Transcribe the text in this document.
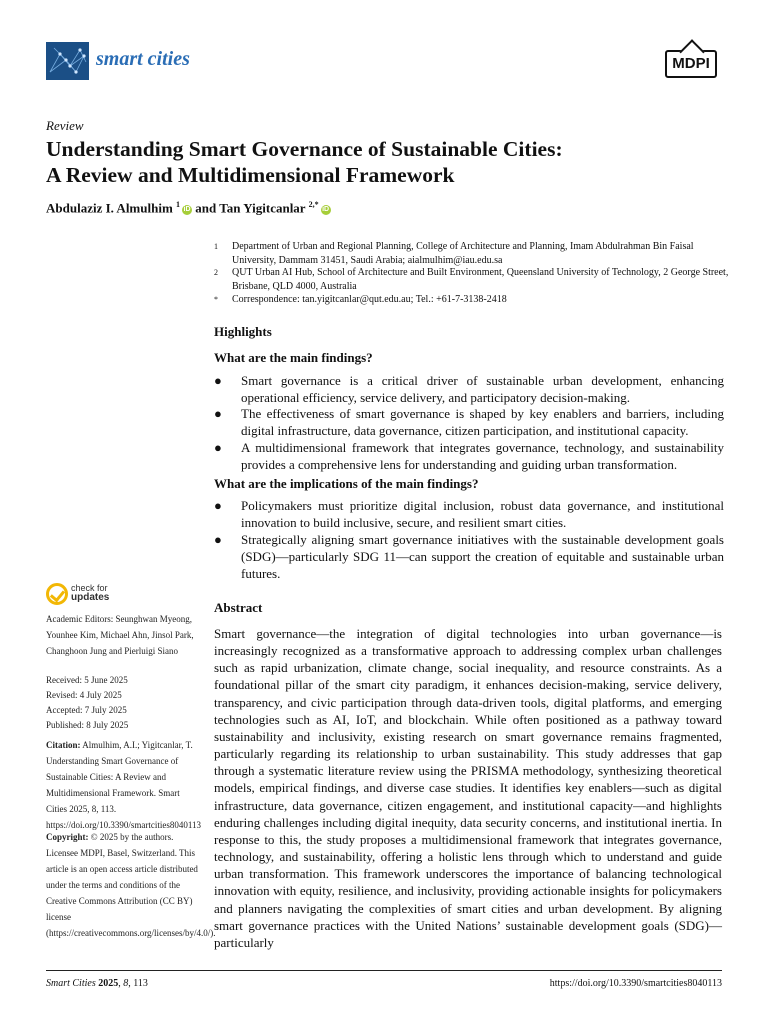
smart cities	MDPI
Review
Understanding Smart Governance of Sustainable Cities:
A Review and Multidimensional Framework
Abdulaziz I. Almulhim $^1$iD and Tan Yigitcanlar $^{2,*}$iD
1 Department of Urban and Regional Planning, College of Architecture and Planning, Imam Abdulrahman Bin Faisal University, Dammam 31451, Saudi Arabia; aialmulhim@iau.edu.sa
2 QUT Urban AI Hub, School of Architecture and Built Environment, Queensland University of Technology, 2 George Street, Brisbane, QLD 4000, Australia
* Correspondence: tan.yigitcanlar@qut.edu.au; Tel.: +61-7-3138-2418
Highlights
What are the main findings?
● Smart governance is a critical driver of sustainable urban development, enhancing operational efficiency, service delivery, and participatory decision-making.
● The effectiveness of smart governance is shaped by key enablers and barriers, including digital infrastructure, data governance, citizen participation, and institutional capacity.
● A multidimensional framework that integrates governance, technology, and sustainability provides a comprehensive lens for understanding and guiding urban transformation.
What are the implications of the main findings?
● Policymakers must prioritize digital inclusion, robust data governance, and institutional innovation to build inclusive, secure, and resilient smart cities.
● Strategically aligning smart governance initiatives with the sustainable development goals (SDG)—particularly SDG 11—can support the creation of equitable and sustainable urban futures.
Abstract
Smart governance—the integration of digital technologies into urban governance—is increasingly recognized as a transformative approach to addressing complex urban challenges such as rapid urbanization, climate change, social inequality, and resource constraints. As a foundational pillar of the smart city paradigm, it enhances decision-making, service delivery, transparency, and civic participation through data-driven tools, digital platforms, and emerging technologies such as AI, IoT, and blockchain. While often positioned as a pathway toward sustainability and inclusivity, existing research on smart governance remains fragmented, particularly regarding its relationship to urban sustainability. This study addresses that gap through a systematic literature review using the PRISMA methodology, synthesizing theoretical models, empirical findings, and diverse case studies. It identifies key enablers—such as digital infrastructure, data governance, citizen engagement, and institutional capacity—and highlights enduring challenges including digital inequity, data security concerns, and institutional inertia. In response to this, the study proposes a multidimensional framework that integrates governance, technology, and sustainability, offering a holistic lens through which to understand and guide urban transformation. This framework underscores the importance of balancing technological innovation with equity, resilience, and inclusivity, providing actionable insights for policymakers and planners navigating the complexities of smart cities and urban development. By aligning smart governance practices with the United Nations’ sustainable development goals (SDG)—particularly
check for
updates
Academic Editors: Seunghwan Myeong, Younhee Kim, Michael Ahn, Jinsol Park, Changhoon Jung and Pierluigi Siano
Received: 5 June 2025
Revised: 4 July 2025
Accepted: 7 July 2025
Published: 8 July 2025
Citation: Almulhim, A.I.; Yigitcanlar, T. Understanding Smart Governance of Sustainable Cities: A Review and Multidimensional Framework. Smart Cities 2025, 8, 113. https://doi.org/10.3390/smartcities8040113
Copyright: © 2025 by the authors. Licensee MDPI, Basel, Switzerland. This article is an open access article distributed under the terms and conditions of the Creative Commons Attribution (CC BY) license (https://creativecommons.org/licenses/by/4.0/).
Smart Cities 2025, 8, 113	https://doi.org/10.3390/smartcities8040113
